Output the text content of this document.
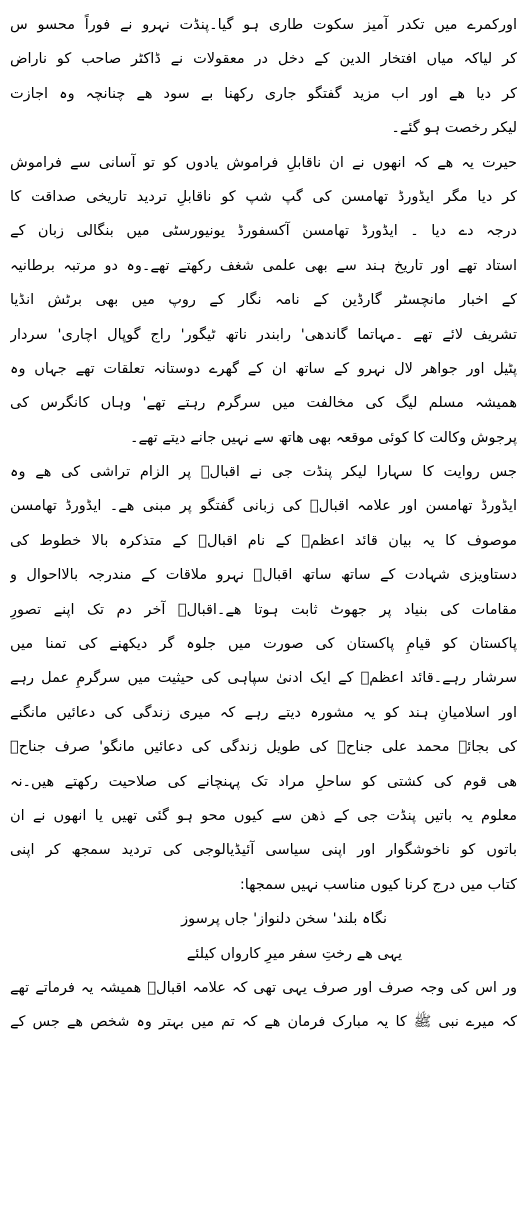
اورکمرے میں تکدر آمیز سکوت طاری ہو گیا۔پنڈت نہرو نے فوراً محسو س
کر لیاکہ میاں افتخار الدین کے دخل در معقولات نے ڈاکٹر صاحب کو ناراض
کر دیا ھے اور اب مزید گفتگو جاری رکھنا بے سود ھے چنانچہ وہ اجازت
لیکر رخصت ہو گئے۔
حیرت یہ ھے کہ انھوں نے ان ناقابلِ فراموش یادوں کو تو آسانی سے فراموش
کر دیا مگر ایڈورڈ تھامسن کی گپ شپ کو ناقابلِ تردید تاریخی صداقت کا
درجہ دے دیا ۔ ایڈورڈ تھامسن آکسفورڈ یونیورسٹی میں بنگالی زبان کے
استاد تھے اور تاریخ ہند سے بھی علمی شغف رکھتے تھے۔وہ دو مرتبہ برطانیہ
کے اخبار مانچسٹر گارڈین کے نامہ نگار کے روپ میں بھی برٹش انڈیا
تشریف لائے تھے ۔مہاتما گاندھی' رابندر ناتھ ٹیگور' راج گوپال اچاری' سردار
پٹیل اور جواھر لال نہرو کے ساتھ ان کے گھرے دوستانہ تعلقات تھے جہاں وہ
ھمیشہ مسلم لیگ کی مخالفت میں سرگرم رہتے تھے' وہاں کانگرس کی
پرجوش وکالت کا کوئی موقعہ بھی ھاتھ سے نہیں جانے دیتے تھے۔
جس روایت کا سہارا لیکر پنڈت جی نے اقبالؒ پر الزام تراشی کی ھے وہ
ایڈورڈ تھامسن اور علامہ اقبالؒ کی زبانی گفتگو پر مبنی ھے۔ ایڈورڈ تھامسن
موصوف کا یہ بیان قائد اعظمؒ کے نام اقبالؒ کے متذکرہ بالا خطوط کی
دستاویزی شہادت کے ساتھ ساتھ اقبالؒ نہرو ملاقات کے مندرجہ بالااحوال و
مقامات کی بنیاد پر جھوٹ ثابت ہوتا ھے۔اقبالؒ آخر دم تک اپنے تصورِ
پاکستان کو قیامِ پاکستان کی صورت میں جلوہ گر دیکھنے کی تمنا میں
سرشار رہے۔قائد اعظمؒ کے ایک ادنیٰ سپاہی کی حیثیت میں سرگرمِ عمل رہے
اور اسلامیانِ ہند کو یہ مشورہ دیتے رہے کہ میری زندگی کی دعائیں مانگنے
کی بجائے محمد علی جناحؒ کی طویل زندگی کی دعائیں مانگو' صرف جناحؒ
ھی قوم کی کشتی کو ساحلِ مراد تک پہنچانے کی صلاحیت رکھتے ھیں۔نہ
معلوم یہ باتیں پنڈت جی کے ذھن سے کیوں محو ہو گئی تھیں یا انھوں نے ان
باتوں کو ناخوشگوار اور اپنی سیاسی آئیڈیالوجی کی تردید سمجھ کر اپنی
کتاب میں درج کرنا کیوں مناسب نہیں سمجھا:
نگاہ بلند' سخن دلنواز' جاں پرسوز
یہی ھے رختِ سفر میرِ کارواں کیلئے
ور اس کی وجہ صرف اور صرف یہی تھی کہ علامہ اقبالؒ ھمیشہ یہ فرماتے تھے
کہ میرے نبی ﷺ کا یہ مبارک فرمان ھے کہ تم میں بہتر وہ شخص ھے جس کے
